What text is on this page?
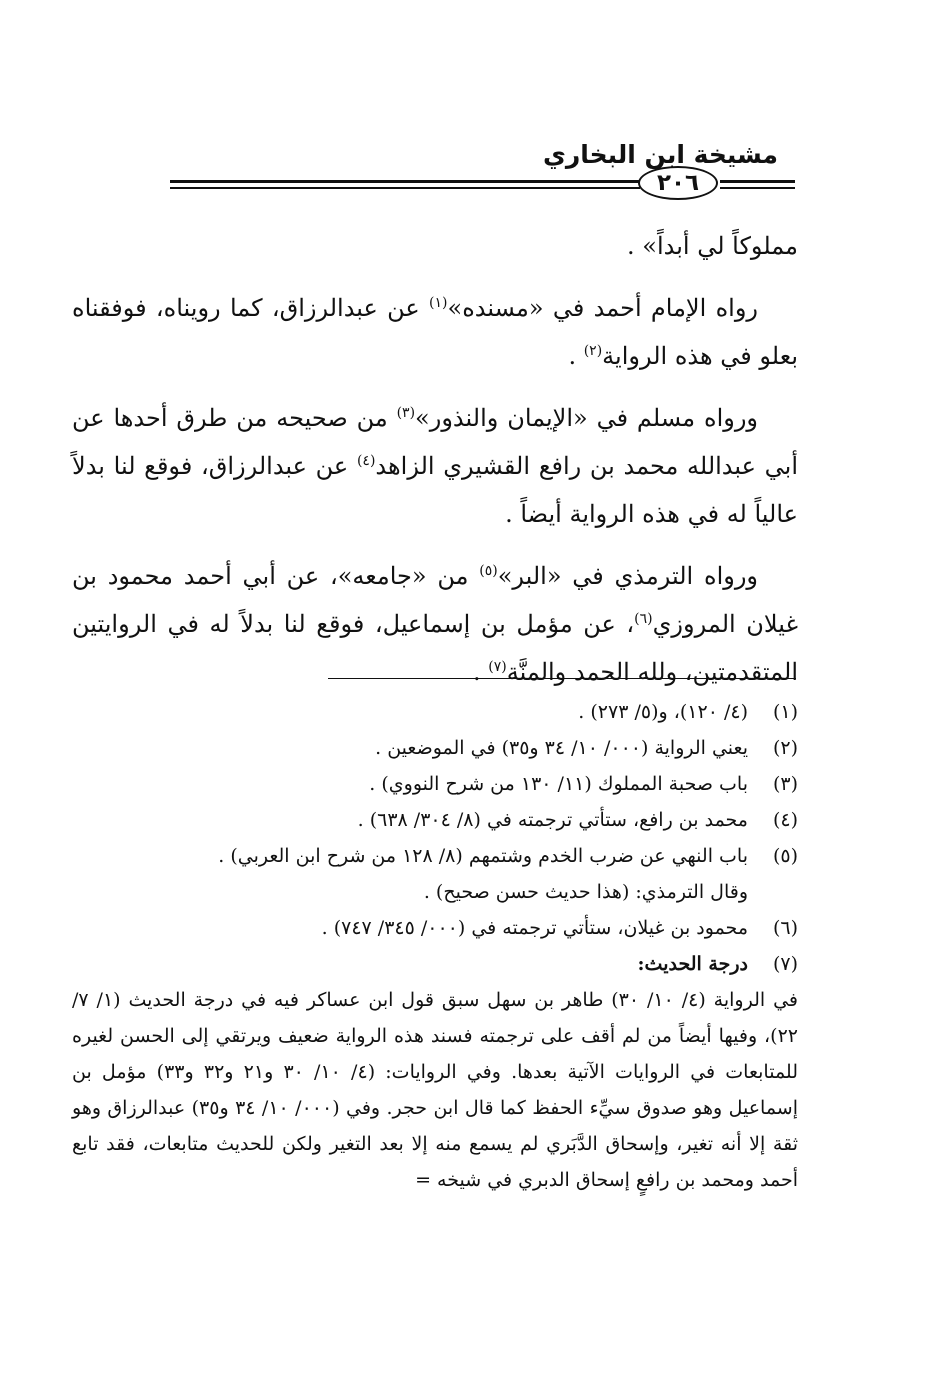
مشيخة ابن البخاري
٢٠٦

مملوكاً لي أبداً» .

رواه الإمام أحمد في «مسنده»$^{(١)}$ عن عبدالرزاق، كما رويناه، فوفقناه بعلو في هذه الرواية$^{(٢)}$ .

ورواه مسلم في «الإيمان والنذور»$^{(٣)}$ من صحيحه من طرق أحدها عن أبي عبدالله محمد بن رافع القشيري الزاهد$^{(٤)}$ عن عبدالرزاق، فوقع لنا بدلاً عالياً له في هذه الرواية أيضاً .

ورواه الترمذي في «البر»$^{(٥)}$ من «جامعه»، عن أبي أحمد محمود بن غيلان المروزي$^{(٦)}$، عن مؤمل بن إسماعيل، فوقع لنا بدلاً له في الروايتين المتقدمتين، ولله الحمد والمنَّة$^{(٧)}$ .

(١)
(٤/ ١٢٠)، و(٥/ ٢٧٣) .
(٢)
يعني الرواية (٠٠٠/ ١٠/ ٣٤ و٣٥) في الموضعين .
(٣)
باب صحبة المملوك (١١/ ١٣٠ من شرح النووي) .
(٤)
محمد بن رافع، ستأتي ترجمته في (٨/ ٣٠٤/ ٦٣٨) .
(٥)
باب النهي عن ضرب الخدم وشتمهم (٨/ ١٢٨ من شرح ابن العربي) .
وقال الترمذي: (هذا حديث حسن صحيح) .
(٦)
محمود بن غيلان، ستأتي ترجمته في (٠٠٠/ ٣٤٥/ ٧٤٧) .
(٧)
درجة الحديث:
في الرواية (٤/ ١٠/ ٣٠) طاهر بن سهل سبق قول ابن عساكر فيه في درجة الحديث (١/ ٧/ ٢٢)، وفيها أيضاً من لم أقف على ترجمته فسند هذه الرواية ضعيف ويرتقي إلى الحسن لغيره للمتابعات في الروايات الآتية بعدها. وفي الروايات: (٤/ ١٠/ ٣٠ و٢١ و٣٢ و٣٣) مؤمل بن إسماعيل وهو صدوق سيِّء الحفظ كما قال ابن حجر. وفي (٠٠٠/ ١٠/ ٣٤ و٣٥) عبدالرزاق وهو ثقة إلا أنه تغير، وإسحاق الدَّبَري لم يسمع منه إلا بعد التغير ولكن للحديث متابعات، فقد تابع أحمد ومحمد بن رافعٍ إسحاق الدبري في شيخه =
